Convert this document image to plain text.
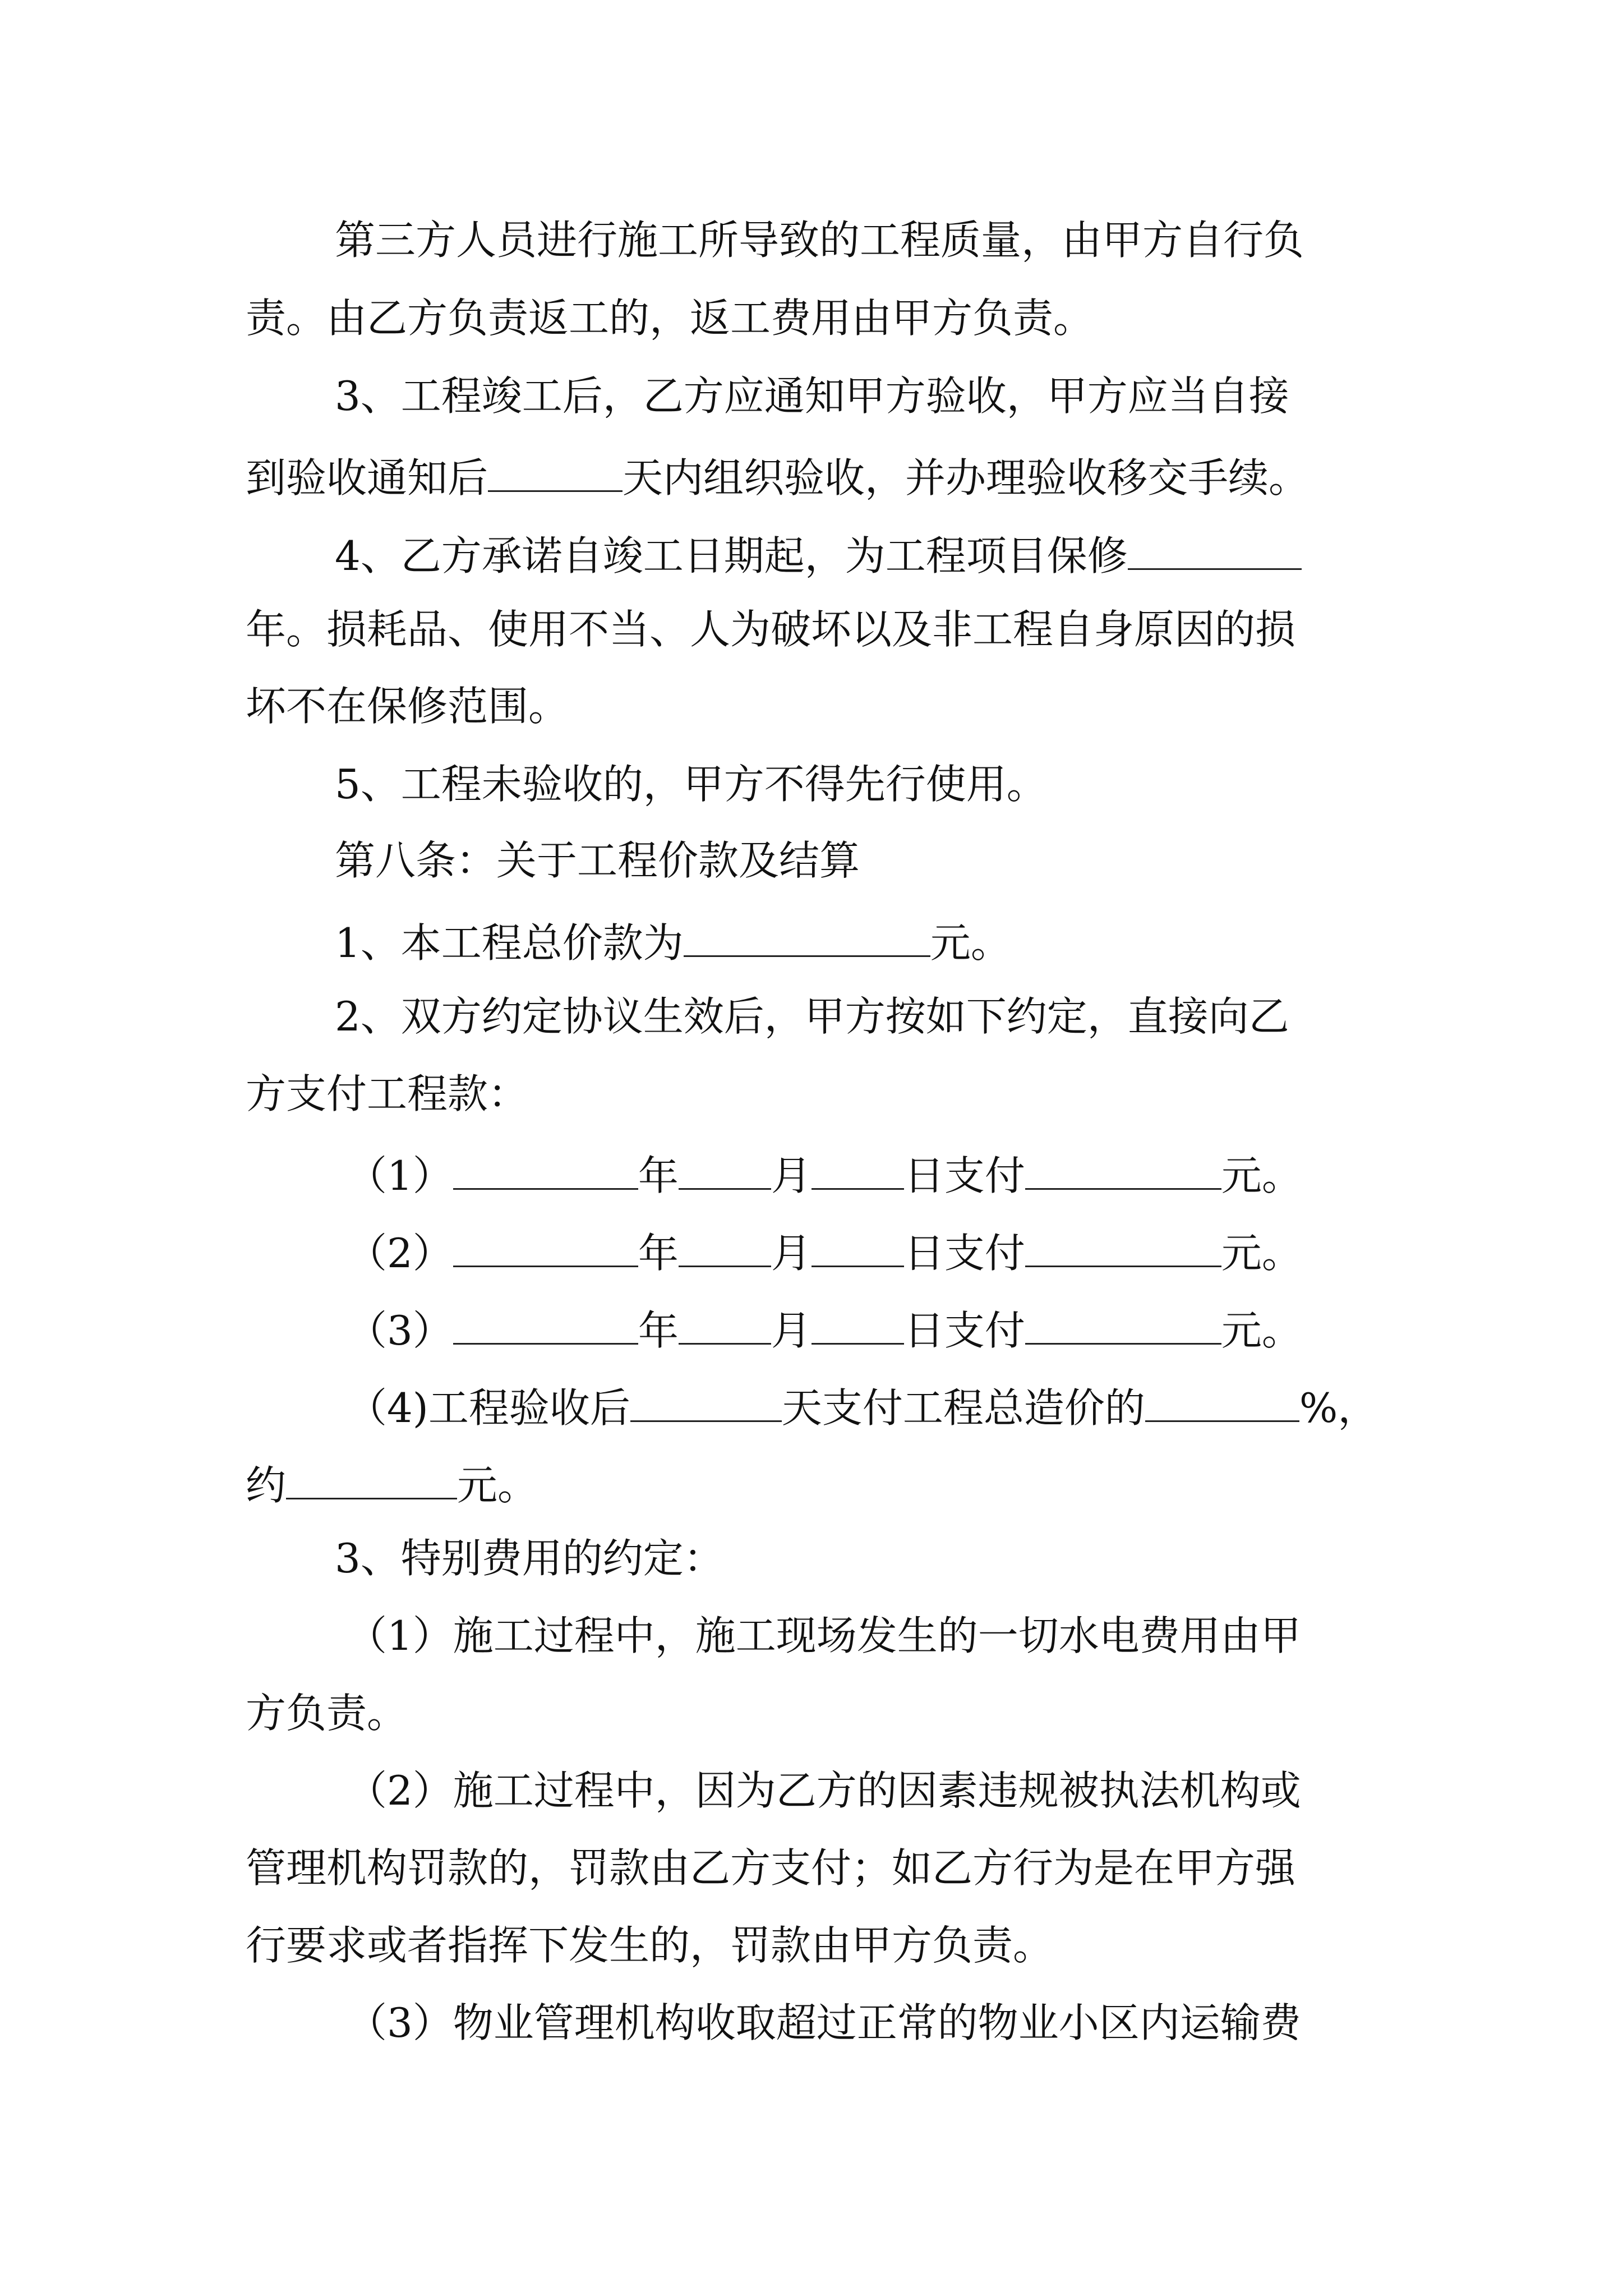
第三方人员进行施工所导致的工程质量，由甲方自行负
责。由乙方负责返工的，返工费用由甲方负责。
3、工程竣工后，乙方应通知甲方验收，甲方应当自接
到验收通知后	天内组织验收，并办理验收移交手续。
4、乙方承诺自竣工日期起，为工程项目保修
年。损耗品、使用不当、人为破坏以及非工程自身原因的损
坏不在保修范围。
5、工程未验收的，甲方不得先行使用。
第八条：关于工程价款及结算
1、本工程总价款为	元。
2、双方约定协议生效后，甲方按如下约定，直接向乙
方支付工程款：
（1）	年 月 日支付	元。
（2）	年 月 日支付	元。
（3）	年 月 日支付	元。
（4)工程验收后	天支付工程总造价的	%，
约	元。
3、特别费用的约定：
（1）施工过程中，施工现场发生的一切水电费用由甲
方负责。
（2）施工过程中，因为乙方的因素违规被执法机构或
管理机构罚款的，罚款由乙方支付；如乙方行为是在甲方强
行要求或者指挥下发生的，罚款由甲方负责。
（3）物业管理机构收取超过正常的物业小区内运输费
